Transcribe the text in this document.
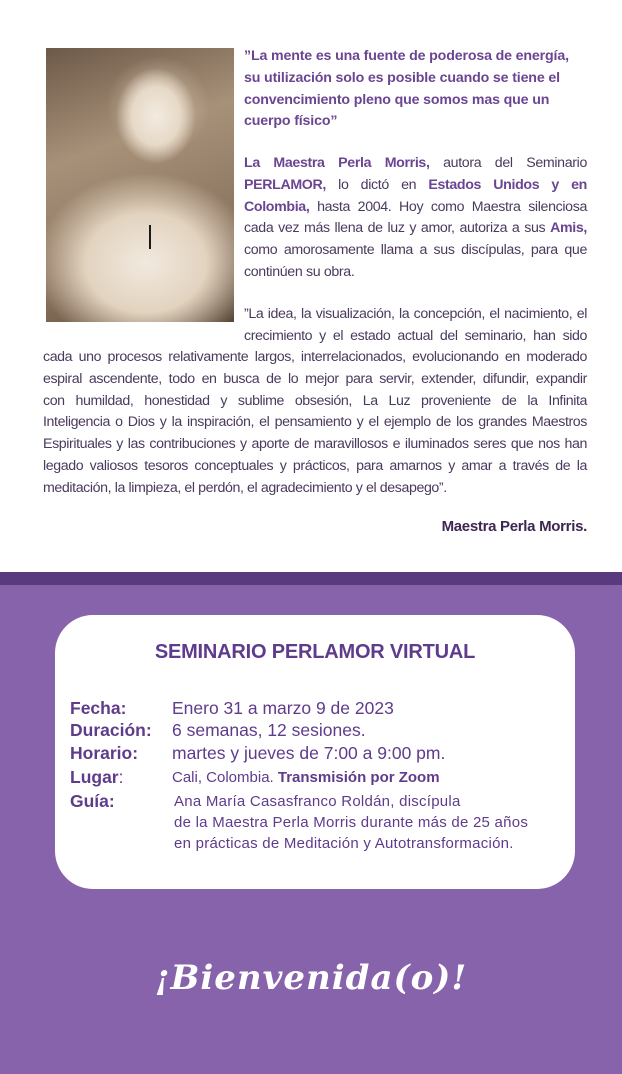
”La mente es una fuente de poderosa de energía,
su utilización solo es posible cuando se tiene el
convencimiento pleno que somos mas que un
cuerpo físico”
La Maestra Perla Morris, autora del Seminario PERLAMOR, lo dictó en Estados Unidos y en Colombia, hasta 2004. Hoy como Maestra silenciosa cada vez más llena de luz y amor, autoriza a sus Amis, como amorosamente llama a sus discípulas, para que continúen su obra.
”La idea, la visualización, la concepción, el nacimiento, el
crecimiento y el estado actual del seminario, han sido
cada uno procesos relativamente largos, interrelacionados, evolucionando en moderado
espiral ascendente, todo en busca de lo mejor para servir, extender, difundir, expandir
con humildad, honestidad y sublime obsesión, La Luz proveniente de la Infinita
Inteligencia o Dios y la inspiración, el pensamiento y el ejemplo de los grandes Maestros
Espirituales y las contribuciones y aporte de maravillosos e iluminados seres que nos han
legado valiosos tesoros conceptuales y prácticos, para amarnos y amar a través de la
meditación, la limpieza, el perdón, el agradecimiento y el desapego”.
Maestra Perla Morris.
SEMINARIO PERLAMOR VIRTUAL
Fecha:	Enero 31 a marzo 9 de 2023
Duración: 6 semanas, 12 sesiones.
Horario: martes y jueves de 7:00 a 9:00 pm.
Lugar:	Cali, Colombia. Transmisión por Zoom
Guía:	Ana María Casasfranco Roldán, discípula
de la Maestra Perla Morris durante más de 25 años
en prácticas de Meditación y Autotransformación.
¡Bienvenida(o)!
